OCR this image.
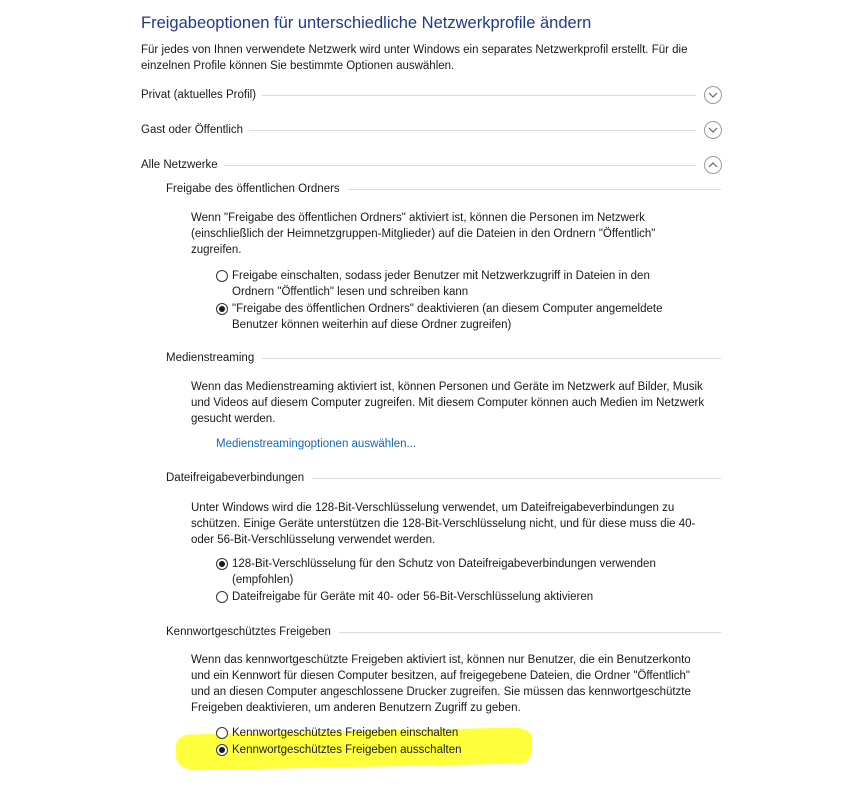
Freigabeoptionen für unterschiedliche Netzwerkprofile ändern
Für jedes von Ihnen verwendete Netzwerk wird unter Windows ein separates Netzwerkprofil erstellt. Für die einzelnen Profile können Sie bestimmte Optionen auswählen.
Privat (aktuelles Profil)
Gast oder Öffentlich
Alle Netzwerke
Freigabe des öffentlichen Ordners
Wenn "Freigabe des öffentlichen Ordners" aktiviert ist, können die Personen im Netzwerk (einschließlich der Heimnetzgruppen-Mitglieder) auf die Dateien in den Ordnern "Öffentlich" zugreifen.
Freigabe einschalten, sodass jeder Benutzer mit Netzwerkzugriff in Dateien in den Ordnern "Öffentlich" lesen und schreiben kann
"Freigabe des öffentlichen Ordners" deaktivieren (an diesem Computer angemeldete Benutzer können weiterhin auf diese Ordner zugreifen)
Medienstreaming
Wenn das Medienstreaming aktiviert ist, können Personen und Geräte im Netzwerk auf Bilder, Musik und Videos auf diesem Computer zugreifen. Mit diesem Computer können auch Medien im Netzwerk gesucht werden.
Medienstreamingoptionen auswählen...
Dateifreigabeverbindungen
Unter Windows wird die 128-Bit-Verschlüsselung verwendet, um Dateifreigabeverbindungen zu schützen. Einige Geräte unterstützen die 128-Bit-Verschlüsselung nicht, und für diese muss die 40- oder 56-Bit-Verschlüsselung verwendet werden.
128-Bit-Verschlüsselung für den Schutz von Dateifreigabeverbindungen verwenden (empfohlen)
Dateifreigabe für Geräte mit 40- oder 56-Bit-Verschlüsselung aktivieren
Kennwortgeschütztes Freigeben
Wenn das kennwortgeschützte Freigeben aktiviert ist, können nur Benutzer, die ein Benutzerkonto und ein Kennwort für diesen Computer besitzen, auf freigegebene Dateien, die Ordner "Öffentlich" und an diesen Computer angeschlossene Drucker zugreifen. Sie müssen das kennwortgeschützte Freigeben deaktivieren, um anderen Benutzern Zugriff zu geben.
Kennwortgeschütztes Freigeben einschalten
Kennwortgeschütztes Freigeben ausschalten
